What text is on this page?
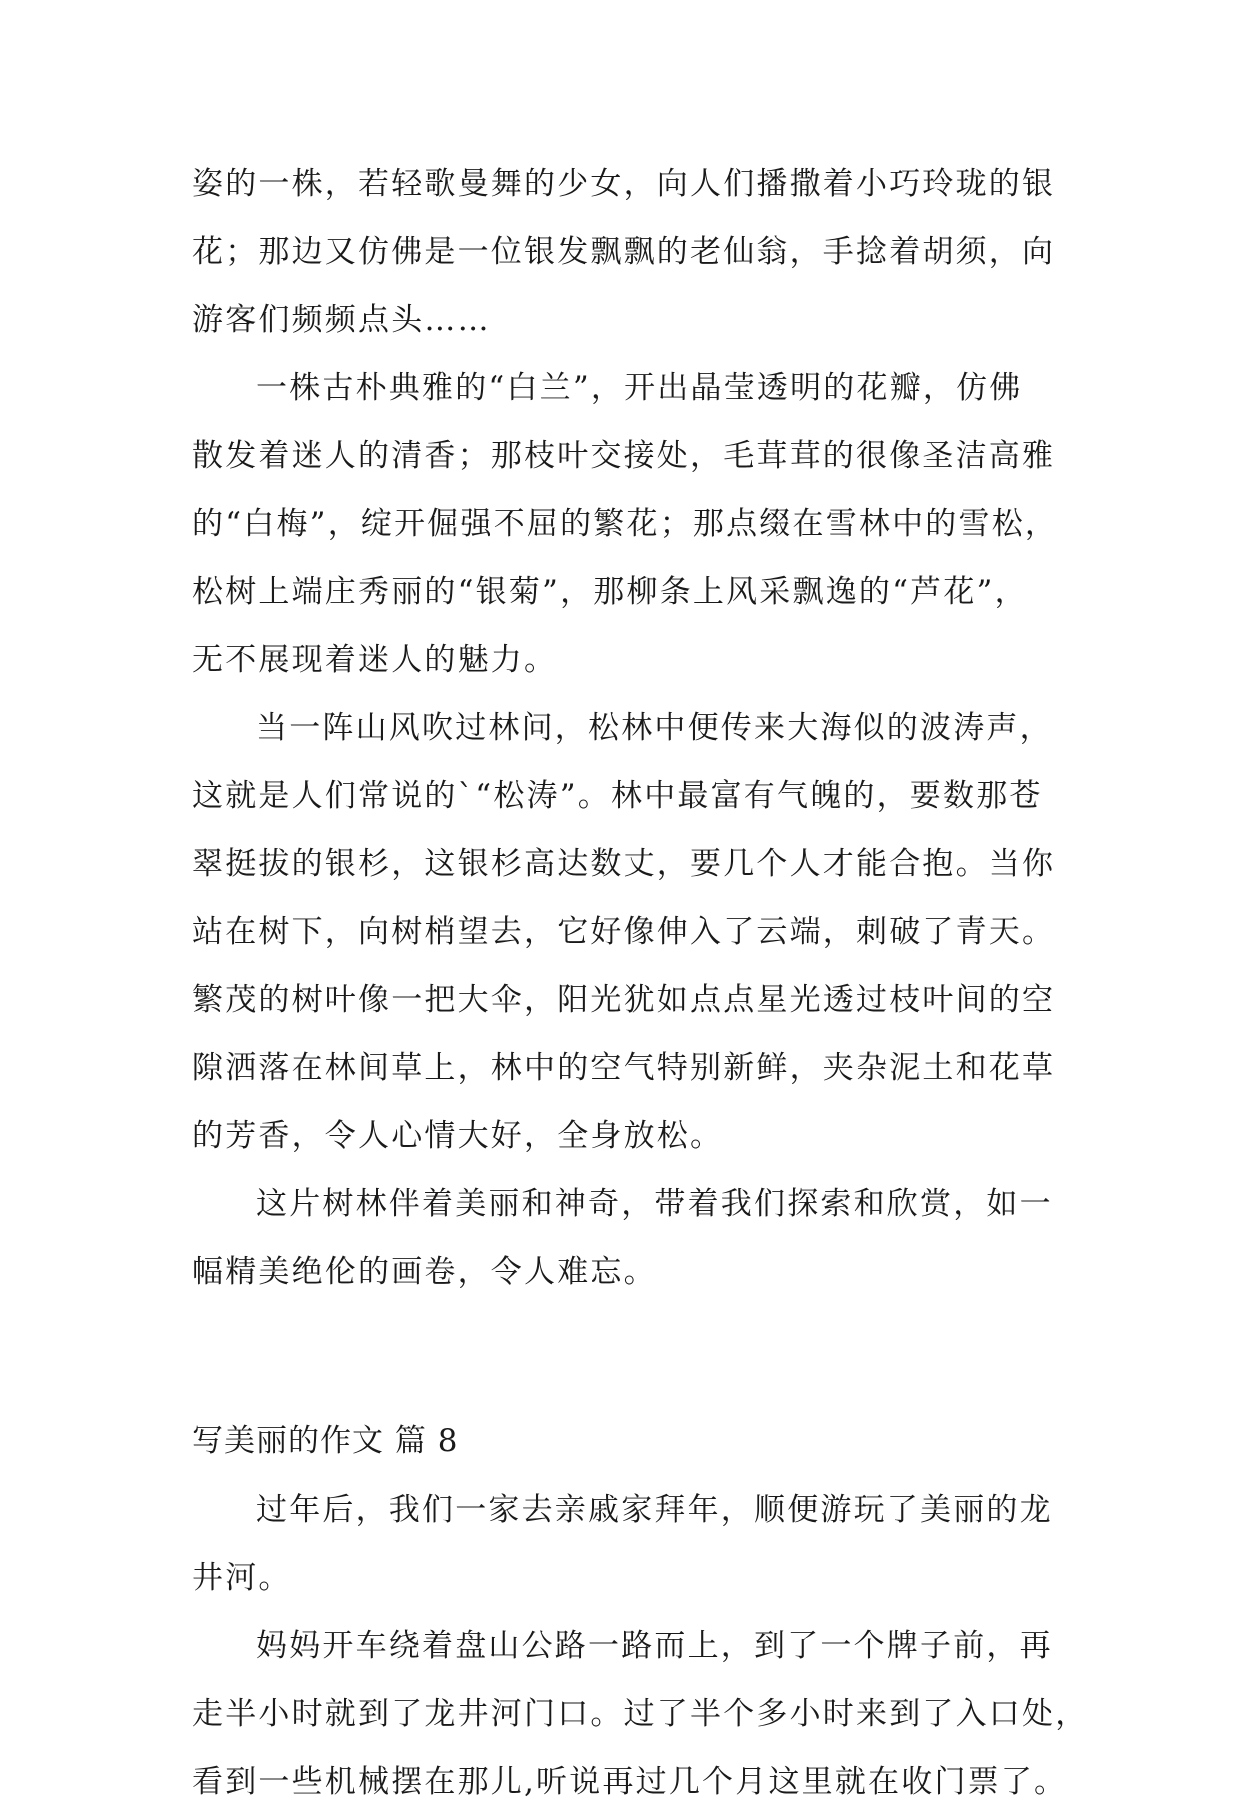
姿的一株，若轻歌曼舞的少女，向人们播撒着小巧玲珑的银
花；那边又仿佛是一位银发飘飘的老仙翁，手捻着胡须，向
游客们频频点头……
一株古朴典雅的“白兰”，开出晶莹透明的花瓣，仿佛
散发着迷人的清香；那枝叶交接处，毛茸茸的很像圣洁高雅
的“白梅”，绽开倔强不屈的繁花；那点缀在雪林中的雪松，
松树上端庄秀丽的“银菊”，那柳条上风采飘逸的“芦花”，
无不展现着迷人的魅力。
当一阵山风吹过林问，松林中便传来大海似的波涛声，
这就是人们常说的`“松涛”。林中最富有气魄的，要数那苍
翠挺拔的银杉，这银杉高达数丈，要几个人才能合抱。当你
站在树下，向树梢望去，它好像伸入了云端，刺破了青天。
繁茂的树叶像一把大伞，阳光犹如点点星光透过枝叶间的空
隙洒落在林间草上，林中的空气特别新鲜，夹杂泥土和花草
的芳香，令人心情大好，全身放松。
这片树林伴着美丽和神奇，带着我们探索和欣赏，如一
幅精美绝伦的画卷，令人难忘。
写美丽的作文 篇 8
过年后，我们一家去亲戚家拜年，顺便游玩了美丽的龙
井河。
妈妈开车绕着盘山公路一路而上，到了一个牌子前，再
走半小时就到了龙井河门口。过了半个多小时来到了入口处，
看到一些机械摆在那儿,听说再过几个月这里就在收门票了。
